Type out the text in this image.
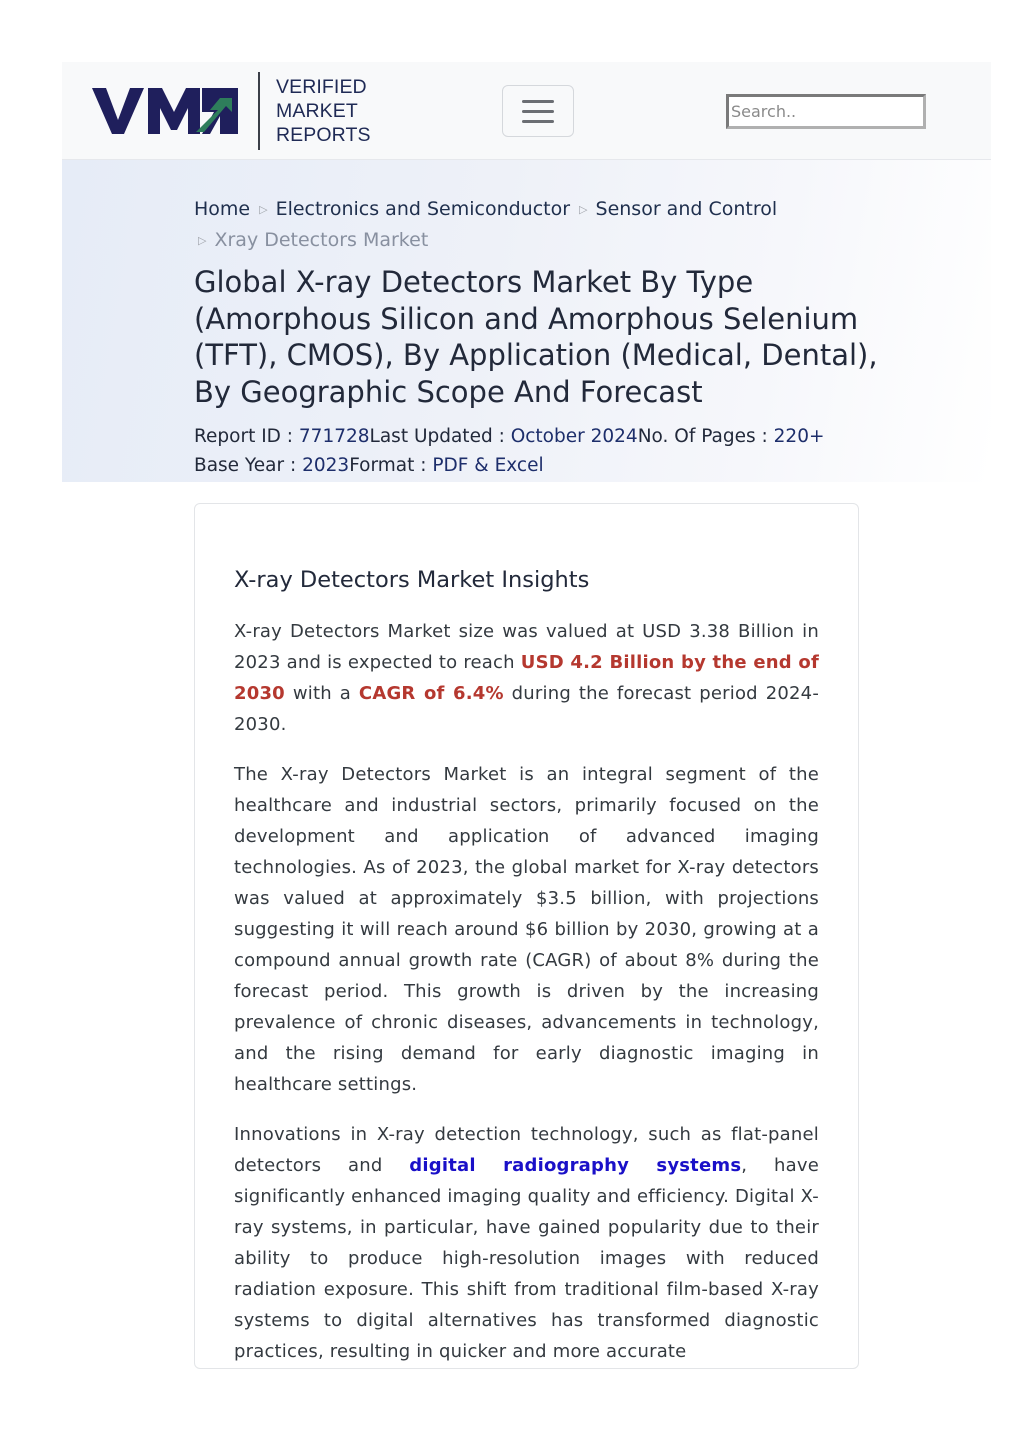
VERIFIED
MARKET
REPORTS
Search..
Home ▷ Electronics and Semiconductor ▷ Sensor and Control
▷ Xray Detectors Market
Global X-ray Detectors Market By Type (Amorphous Silicon and Amorphous Selenium (TFT), CMOS), By Application (Medical, Dental), By Geographic Scope And Forecast
Report ID : 771728Last Updated : October 2024No. Of Pages : 220+
Base Year : 2023Format : PDF & Excel
X-ray Detectors Market Insights

X-ray Detectors Market size was valued at USD 3.38 Billion in 2023 and is expected to reach USD 4.2 Billion by the end of 2030 with a CAGR of 6.4% during the forecast period 2024-2030.

The X-ray Detectors Market is an integral segment of the healthcare and industrial sectors, primarily focused on the development and application of advanced imaging technologies. As of 2023, the global market for X-ray detectors was valued at approximately $3.5 billion, with projections suggesting it will reach around $6 billion by 2030, growing at a compound annual growth rate (CAGR) of about 8% during the forecast period. This growth is driven by the increasing prevalence of chronic diseases, advancements in technology, and the rising demand for early diagnostic imaging in healthcare settings.

Innovations in X-ray detection technology, such as flat-panel detectors and digital radiography systems, have significantly enhanced imaging quality and efficiency. Digital X-ray systems, in particular, have gained popularity due to their ability to produce high-resolution images with reduced radiation exposure. This shift from traditional film-based X-ray systems to digital alternatives has transformed diagnostic practices, resulting in quicker and more accurate
